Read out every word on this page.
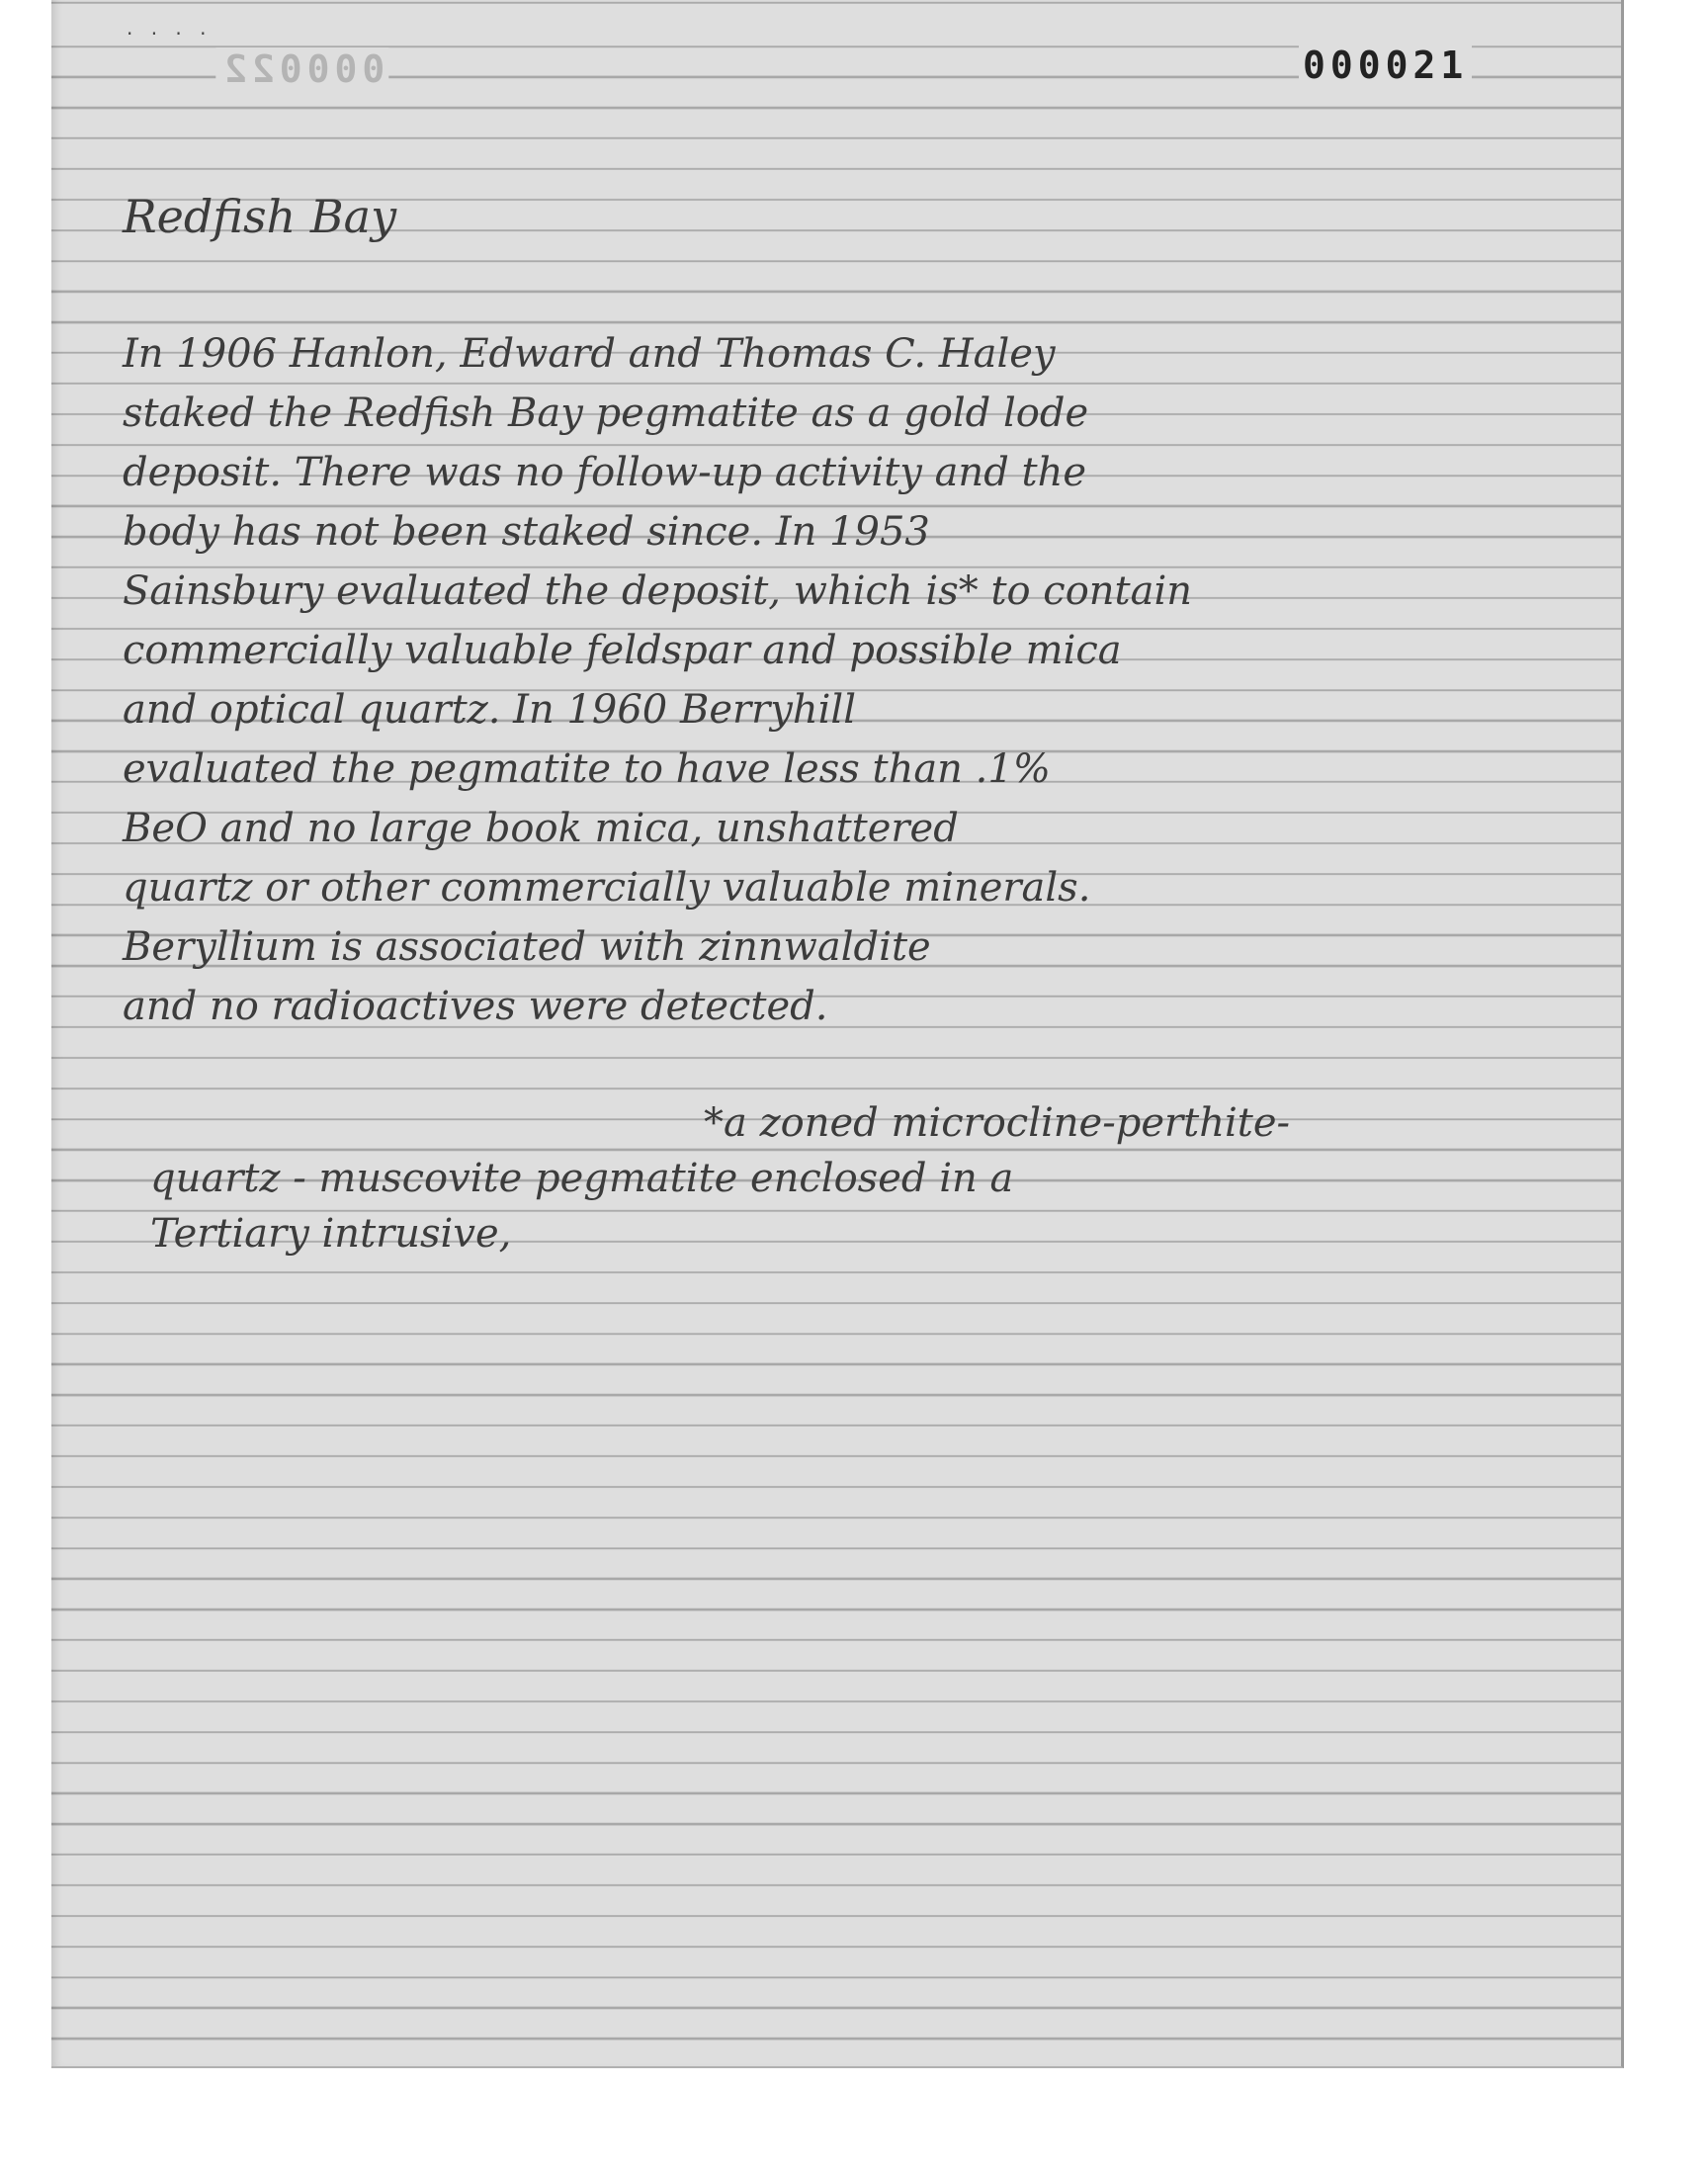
· · · ·
000022	000021
Redfish Bay
In 1906 Hanlon, Edward and Thomas C. Haley
staked the Redfish Bay pegmatite as a gold lode
deposit. There was no follow-up activity and the
body has not been staked since. In 1953
Sainsbury evaluated the deposit, which is* to contain
commercially valuable feldspar and possible mica
and optical quartz. In 1960 Berryhill
evaluated the pegmatite to have less than .1%
BeO and no large book mica, unshattered
quartz or other commercially valuable minerals.
Beryllium is associated with zinnwaldite
and no radioactives were detected.
*a zoned microcline-perthite-
quartz - muscovite pegmatite enclosed in a
Tertiary intrusive,
